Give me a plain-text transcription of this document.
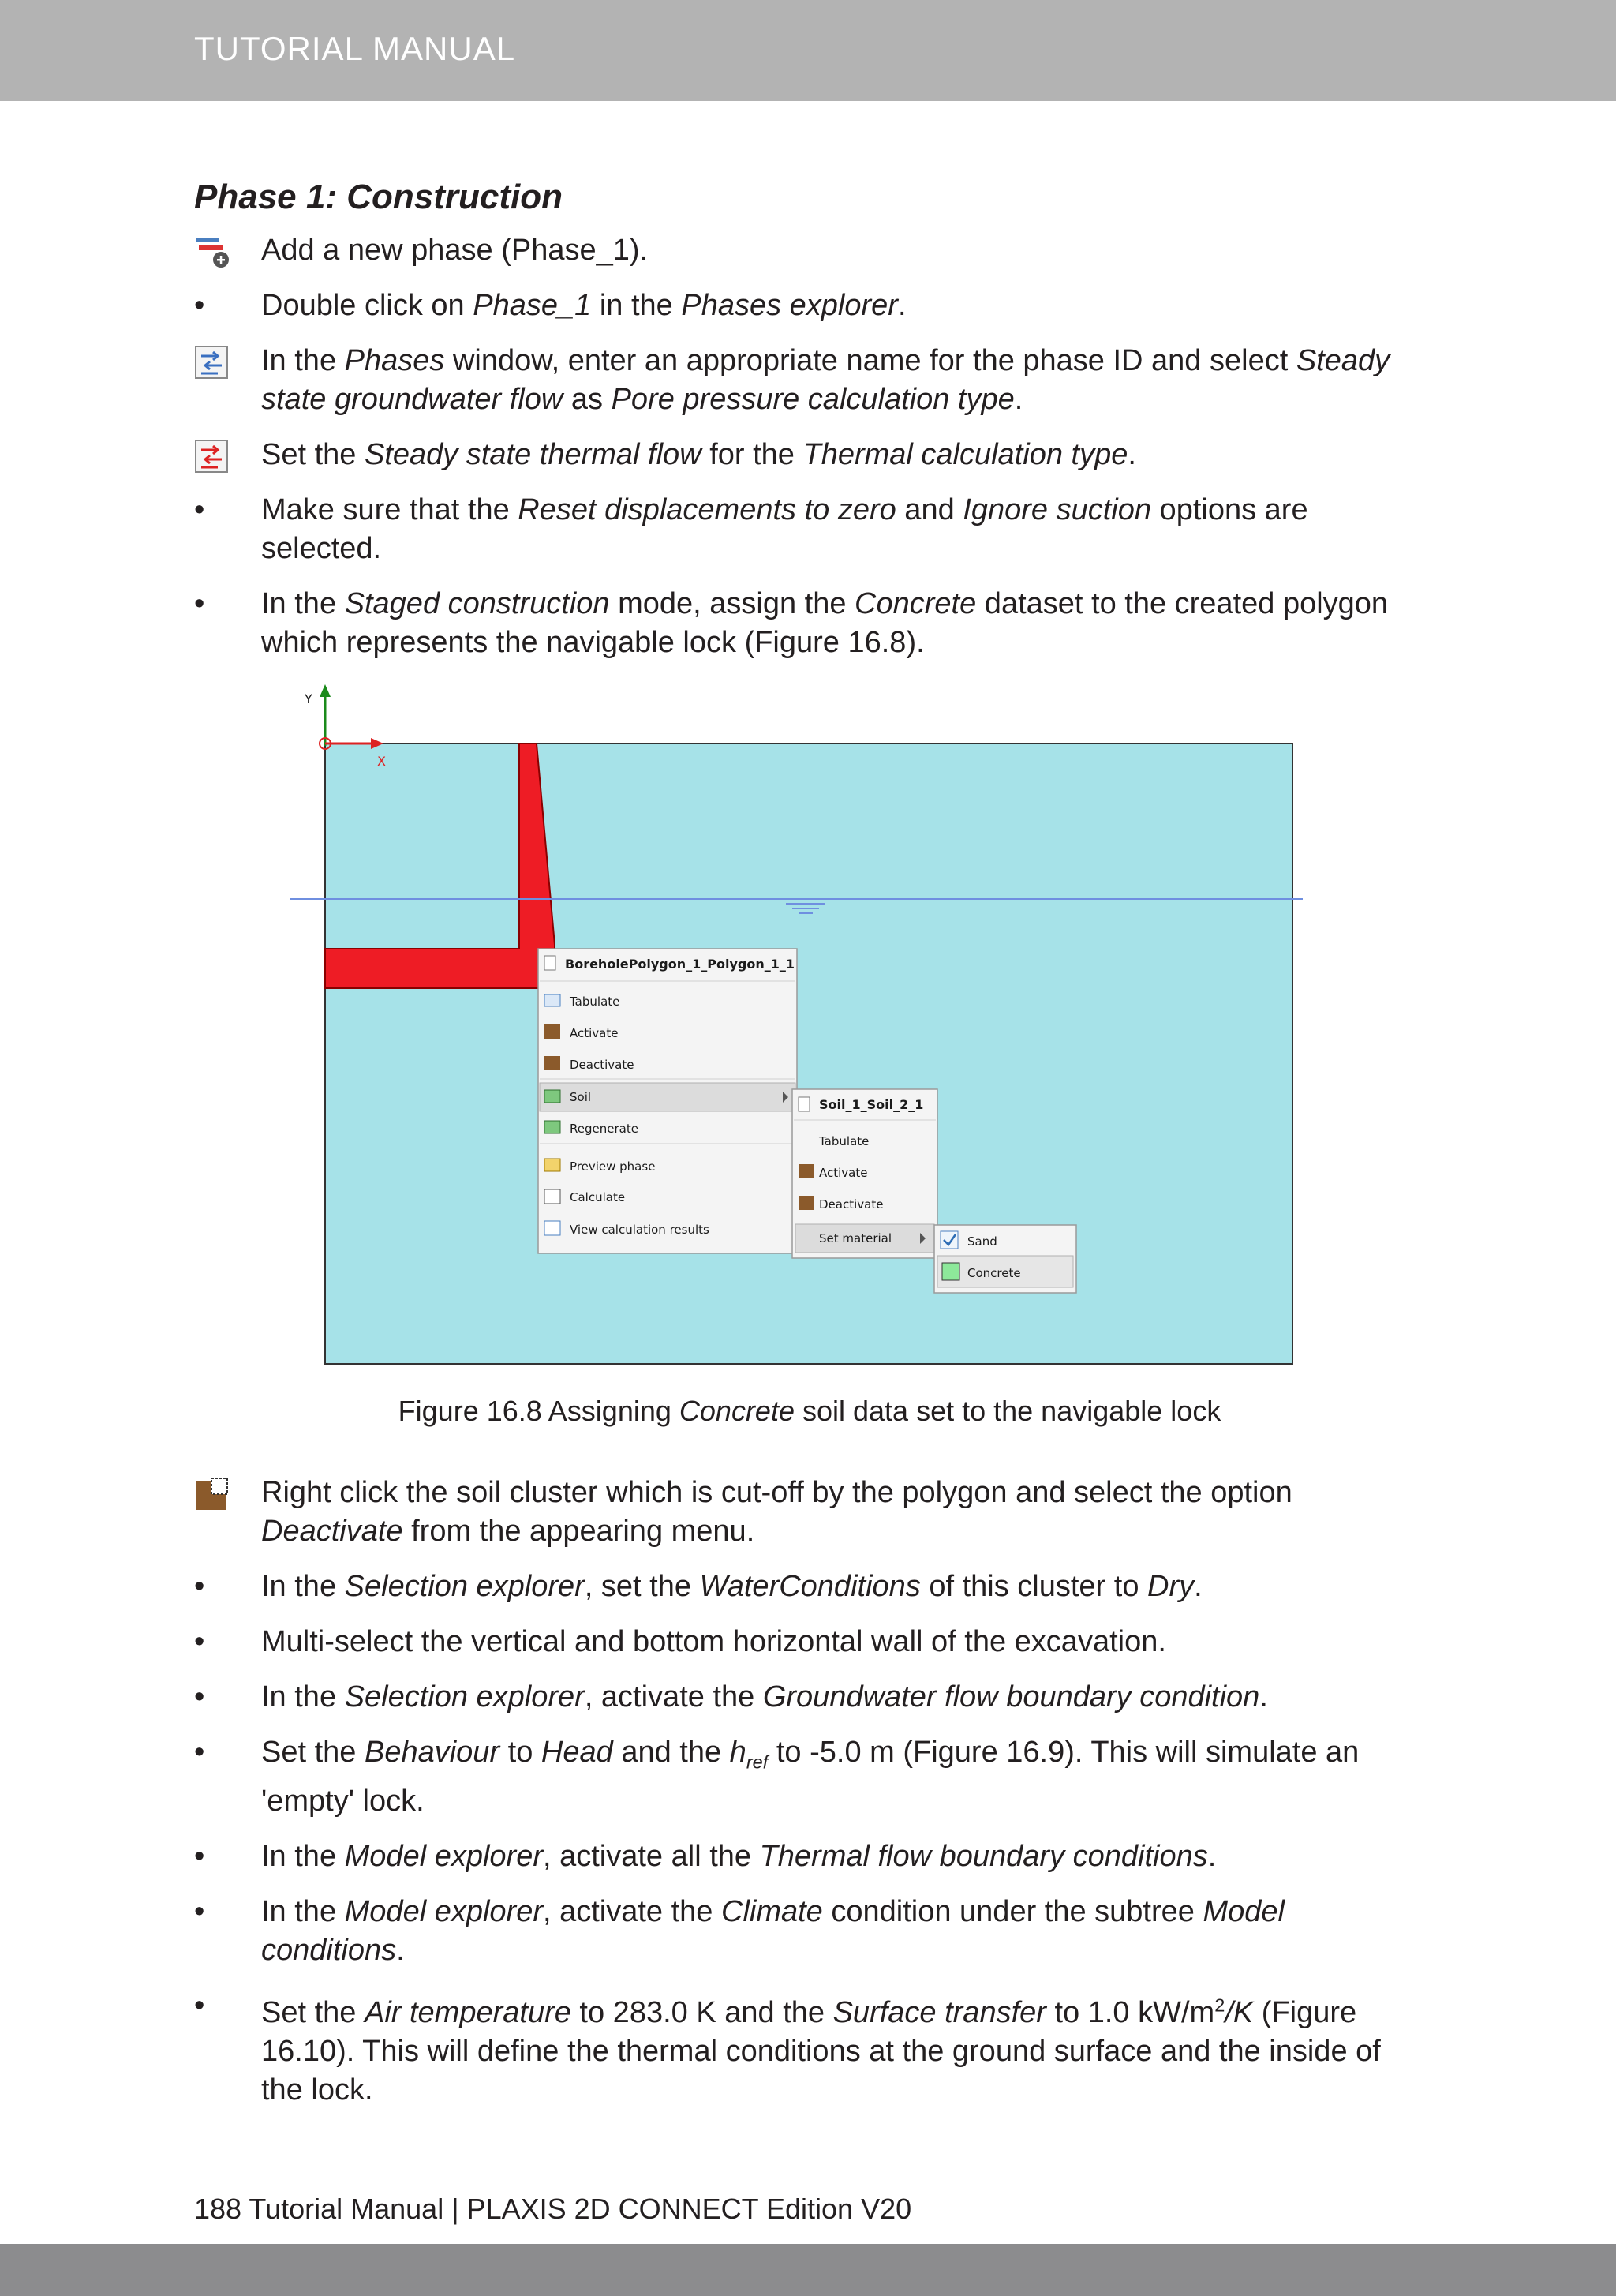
TUTORIAL MANUAL
Phase 1: Construction
Add a new phase (Phase_1).
•	Double click on Phase_1 in the Phases explorer.
In the Phases window, enter an appropriate name for the phase ID and select Steady state groundwater flow as Pore pressure calculation type.
Set the Steady state thermal flow for the Thermal calculation type.
•	Make sure that the Reset displacements to zero and Ignore suction options are selected.
•	In the Staged construction mode, assign the Concrete dataset to the created polygon which represents the navigable lock (Figure 16.8).
Y
X
BoreholePolygon_1_Polygon_1_1
Tabulate
Activate
Deactivate
Soil
Regenerate
Preview phase
Calculate
View calculation results
Soil_1_Soil_2_1
Tabulate
Activate
Deactivate
Set material	Sand
Concrete
Figure 16.8 Assigning Concrete soil data set to the navigable lock
Right click the soil cluster which is cut-off by the polygon and select the option Deactivate from the appearing menu.
•	In the Selection explorer, set the WaterConditions of this cluster to Dry.
•	Multi-select the vertical and bottom horizontal wall of the excavation.
•	In the Selection explorer, activate the Groundwater flow boundary condition.
•	Set the Behaviour to Head and the $h_{ref}$ to -5.0 m (Figure 16.9). This will simulate an 'empty' lock.
•	In the Model explorer, activate all the Thermal flow boundary conditions.
•	In the Model explorer, activate the Climate condition under the subtree Model conditions.
•	Set the Air temperature to 283.0 K and the Surface transfer to 1.0 $kW/m^2/K$ (Figure 16.10). This will define the thermal conditions at the ground surface and the inside of the lock.
188 Tutorial Manual | PLAXIS 2D CONNECT Edition V20
